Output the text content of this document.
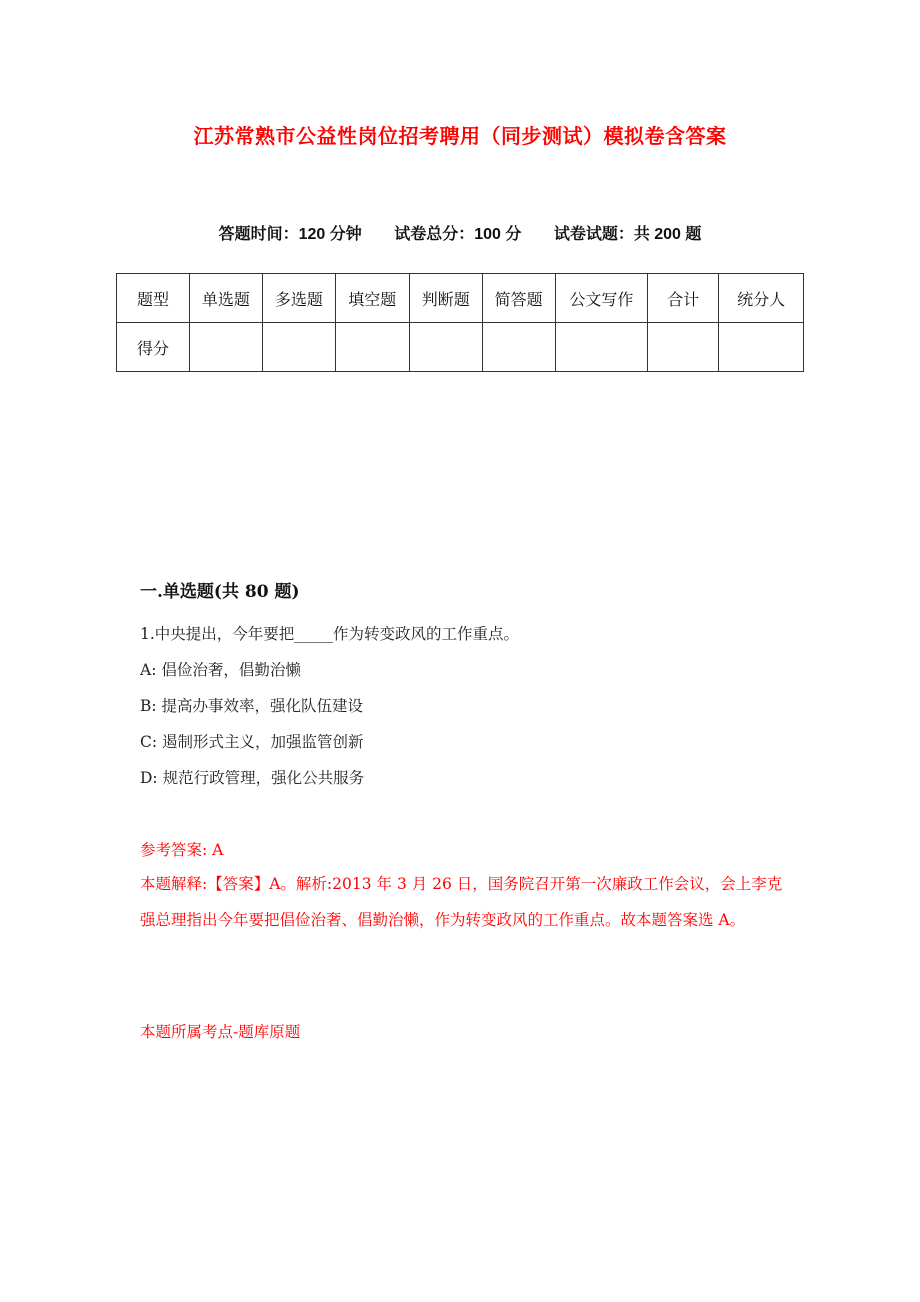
江苏常熟市公益性岗位招考聘用（同步测试）模拟卷含答案
答题时间：120 分钟 试卷总分：100 分 试卷试题：共 200 题
题型	单选题	多选题	填空题	判断题	简答题	公文写作	合计	统分人
得分								
一.单选题(共 80 题)
1.中央提出，今年要把_____作为转变政风的工作重点。
A: 倡俭治奢，倡勤治懒
B: 提高办事效率，强化队伍建设
C: 遏制形式主义，加强监管创新
D: 规范行政管理，强化公共服务
参考答案: A
本题解释:【答案】A。解析:2013 年 3 月 26 日，国务院召开第一次廉政工作会议，会上李克强总理指出今年要把倡俭治奢、倡勤治懒，作为转变政风的工作重点。故本题答案选 A。
本题所属考点-题库原题
